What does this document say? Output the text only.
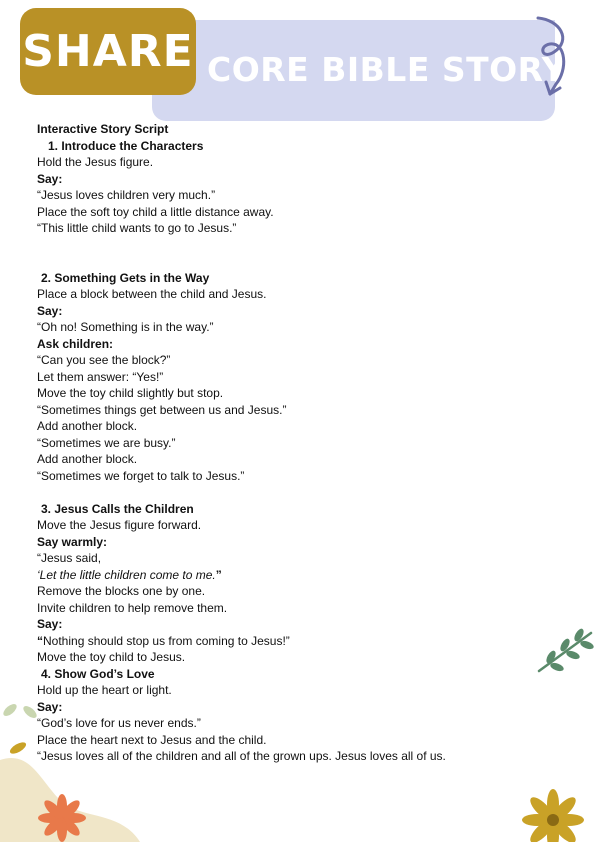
SHARE CORE BIBLE STORY
Interactive Story Script
1. Introduce the Characters
Hold the Jesus figure.
Say:
“Jesus loves children very much.”
Place the soft toy child a little distance away.
“This little child wants to go to Jesus.”
2. Something Gets in the Way
Place a block between the child and Jesus.
Say:
“Oh no! Something is in the way.”
Ask children:
“Can you see the block?”
Let them answer: “Yes!”
Move the toy child slightly but stop.
“Sometimes things get between us and Jesus.”
Add another block.
“Sometimes we are busy.”
Add another block.
“Sometimes we forget to talk to Jesus.”
3. Jesus Calls the Children
Move the Jesus figure forward.
Say warmly:
“Jesus said,
‘Let the little children come to me.”
Remove the blocks one by one.
Invite children to help remove them.
Say:
“Nothing should stop us from coming to Jesus!”
Move the toy child to Jesus.
4. Show God’s Love
Hold up the heart or light.
Say:
“God’s love for us never ends.”
Place the heart next to Jesus and the child.
“Jesus loves all of the children and all of the grown ups. Jesus loves all of us.
